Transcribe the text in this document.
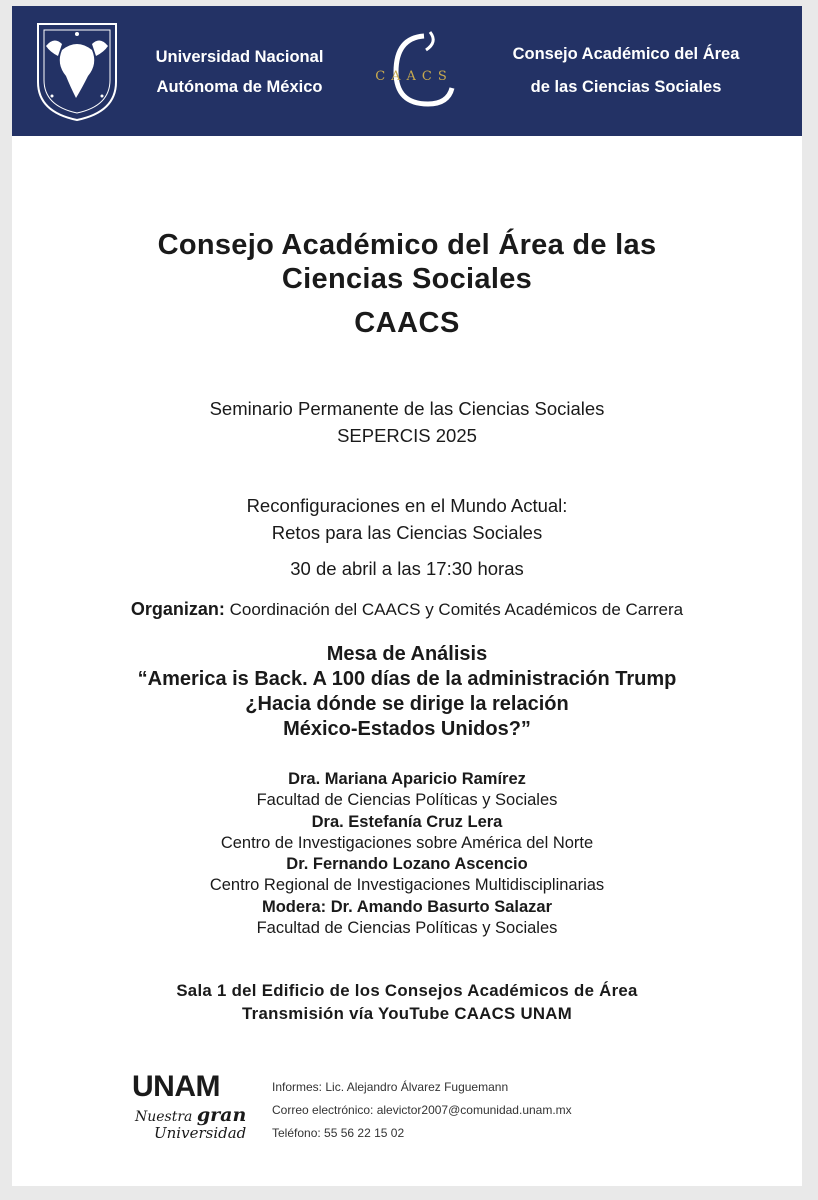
Universidad Nacional
Autónoma de México
CAACS
Consejo Académico del Área
de las Ciencias Sociales
Consejo Académico del Área de las
Ciencias Sociales
CAACS
Seminario Permanente de las Ciencias Sociales
SEPERCIS 2025
Reconfiguraciones en el Mundo Actual:
Retos para las Ciencias Sociales
30 de abril a las 17:30 horas
Organizan: Coordinación del CAACS y Comités Académicos de Carrera
Mesa de Análisis
“America is Back. A 100 días de la administración Trump
¿Hacia dónde se dirige la relación
México-Estados Unidos?”
Dra. Mariana Aparicio Ramírez
Facultad de Ciencias Políticas y Sociales
Dra. Estefanía Cruz Lera
Centro de Investigaciones sobre América del Norte
Dr. Fernando Lozano Ascencio
Centro Regional de Investigaciones Multidisciplinarias
Modera: Dr. Amando Basurto Salazar
Facultad de Ciencias Políticas y Sociales
Sala 1 del Edificio de los Consejos Académicos de Área
Transmisión vía YouTube CAACS UNAM
UNAM
Nuestra gran
Universidad
Informes: Lic. Alejandro Álvarez Fuguemann
Correo electrónico: alevictor2007@comunidad.unam.mx
Teléfono: 55 56 22 15 02
